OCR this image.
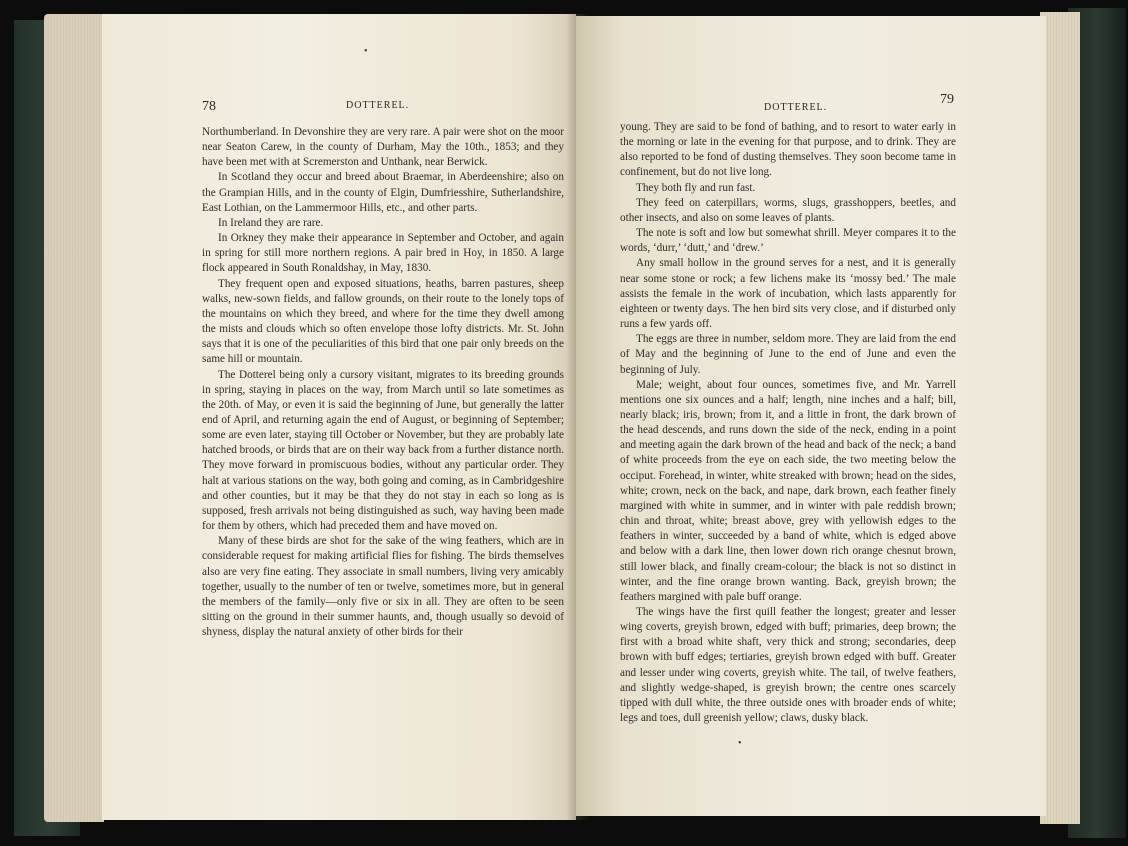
•
78	DOTTEREL.

Northumberland. In Devonshire they are very rare. A pair were shot on the moor near Seaton Carew, in the county of Durham, May the 10th., 1853; and they have been met with at Scremerston and Unthank, near Berwick.

In Scotland they occur and breed about Braemar, in Aberdeenshire; also on the Grampian Hills, and in the county of Elgin, Dumfriesshire, Sutherlandshire, East Lothian, on the Lammermoor Hills, etc., and other parts.

In Ireland they are rare.

In Orkney they make their appearance in September and October, and again in spring for still more northern regions. A pair bred in Hoy, in 1850. A large flock appeared in South Ronaldshay, in May, 1830.

They frequent open and exposed situations, heaths, barren pastures, sheep walks, new-sown fields, and fallow grounds, on their route to the lonely tops of the mountains on which they breed, and where for the time they dwell among the mists and clouds which so often envelope those lofty districts. Mr. St. John says that it is one of the peculiarities of this bird that one pair only breeds on the same hill or mountain.

The Dotterel being only a cursory visitant, migrates to its breeding grounds in spring, staying in places on the way, from March until so late sometimes as the 20th. of May, or even it is said the beginning of June, but generally the latter end of April, and returning again the end of August, or beginning of September; some are even later, staying till October or November, but they are probably late hatched broods, or birds that are on their way back from a further distance north. They move forward in promiscuous bodies, without any particular order. They halt at various stations on the way, both going and coming, as in Cambridgeshire and other counties, but it may be that they do not stay in each so long as is supposed, fresh arrivals not being distinguished as such, way having been made for them by others, which had preceded them and have moved on.

Many of these birds are shot for the sake of the wing feathers, which are in considerable request for making artificial flies for fishing. The birds themselves also are very fine eating. They associate in small numbers, living very amicably together, usually to the number of ten or twelve, sometimes more, but in general the members of the family—only five or six in all. They are often to be seen sitting on the ground in their summer haunts, and, though usually so devoid of shyness, display the natural anxiety of other birds for their

DOTTEREL.
79

young. They are said to be fond of bathing, and to resort to water early in the morning or late in the evening for that purpose, and to drink. They are also reported to be fond of dusting themselves. They soon become tame in confinement, but do not live long.

They both fly and run fast.

They feed on caterpillars, worms, slugs, grasshoppers, beetles, and other insects, and also on some leaves of plants.

The note is soft and low but somewhat shrill. Meyer compares it to the words, ‘durr,’ ‘dutt,’ and ‘drew.’

Any small hollow in the ground serves for a nest, and it is generally near some stone or rock; a few lichens make its ‘mossy bed.’ The male assists the female in the work of incubation, which lasts apparently for eighteen or twenty days. The hen bird sits very close, and if disturbed only runs a few yards off.

The eggs are three in number, seldom more. They are laid from the end of May and the beginning of June to the end of June and even the beginning of July.

Male; weight, about four ounces, sometimes five, and Mr. Yarrell mentions one six ounces and a half; length, nine inches and a half; bill, nearly black; iris, brown; from it, and a little in front, the dark brown of the head descends, and runs down the side of the neck, ending in a point and meeting again the dark brown of the head and back of the neck; a band of white proceeds from the eye on each side, the two meeting below the occiput. Forehead, in winter, white streaked with brown; head on the sides, white; crown, neck on the back, and nape, dark brown, each feather finely margined with white in summer, and in winter with pale reddish brown; chin and throat, white; breast above, grey with yellowish edges to the feathers in winter, succeeded by a band of white, which is edged above and below with a dark line, then lower down rich orange chesnut brown, still lower black, and finally cream-colour; the black is not so distinct in winter, and the fine orange brown wanting. Back, greyish brown; the feathers margined with pale buff orange.

The wings have the first quill feather the longest; greater and lesser wing coverts, greyish brown, edged with buff; primaries, deep brown; the first with a broad white shaft, very thick and strong; secondaries, deep brown with buff edges; tertiaries, greyish brown edged with buff. Greater and lesser under wing coverts, greyish white. The tail, of twelve feathers, and slightly wedge-shaped, is greyish brown; the centre ones scarcely tipped with dull white, the three outside ones with broader ends of white; legs and toes, dull greenish yellow; claws, dusky black.

•
